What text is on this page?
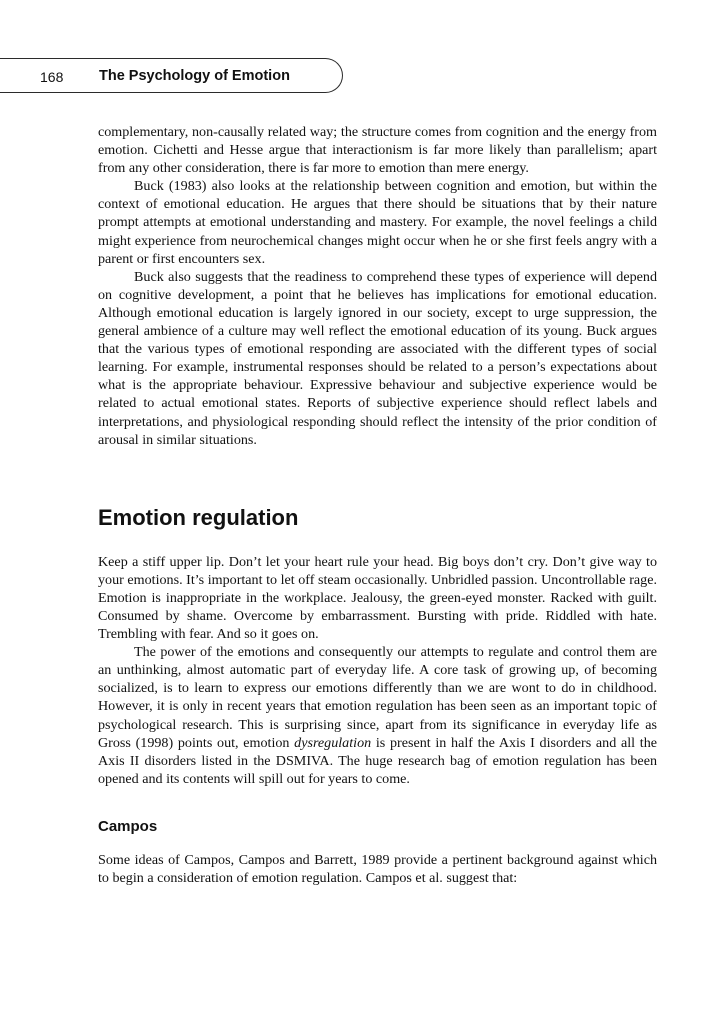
168 The Psychology of Emotion

complementary, non-causally related way; the structure comes from cognition and the energy from emotion. Cichetti and Hesse argue that interactionism is far more likely than parallelism; apart from any other consideration, there is far more to emotion than mere energy.

Buck (1983) also looks at the relationship between cognition and emotion, but within the context of emotional education. He argues that there should be situations that by their nature prompt attempts at emotional understanding and mastery. For example, the novel feelings a child might experience from neurochemical changes might occur when he or she first feels angry with a parent or first encounters sex.

Buck also suggests that the readiness to comprehend these types of experience will depend on cognitive development, a point that he believes has implications for emotional education. Although emotional education is largely ignored in our society, except to urge suppression, the general ambience of a culture may well reflect the emotional education of its young. Buck argues that the various types of emotional responding are associated with the different types of social learning. For example, instrumental responses should be related to a person’s expectations about what is the appropriate behaviour. Expressive behaviour and subjective experience would be related to actual emotional states. Reports of subjective experience should reflect labels and interpretations, and physiological responding should reflect the intensity of the prior condition of arousal in similar situations.

Emotion regulation

Keep a stiff upper lip. Don’t let your heart rule your head. Big boys don’t cry. Don’t give way to your emotions. It’s important to let off steam occasionally. Unbridled passion. Uncontrollable rage. Emotion is inappropriate in the workplace. Jealousy, the green-eyed monster. Racked with guilt. Consumed by shame. Overcome by embarrassment. Bursting with pride. Riddled with hate. Trembling with fear. And so it goes on.

The power of the emotions and consequently our attempts to regulate and control them are an unthinking, almost automatic part of everyday life. A core task of growing up, of becoming socialized, is to learn to express our emotions differently than we are wont to do in childhood. However, it is only in recent years that emotion regulation has been seen as an important topic of psychological research. This is surprising since, apart from its significance in everyday life as Gross (1998) points out, emotion dysregulation is present in half the Axis I disorders and all the Axis II disorders listed in the DSMIVA. The huge research bag of emotion regulation has been opened and its contents will spill out for years to come.

Campos

Some ideas of Campos, Campos and Barrett, 1989 provide a pertinent background against which to begin a consideration of emotion regulation. Campos et al. suggest that:
